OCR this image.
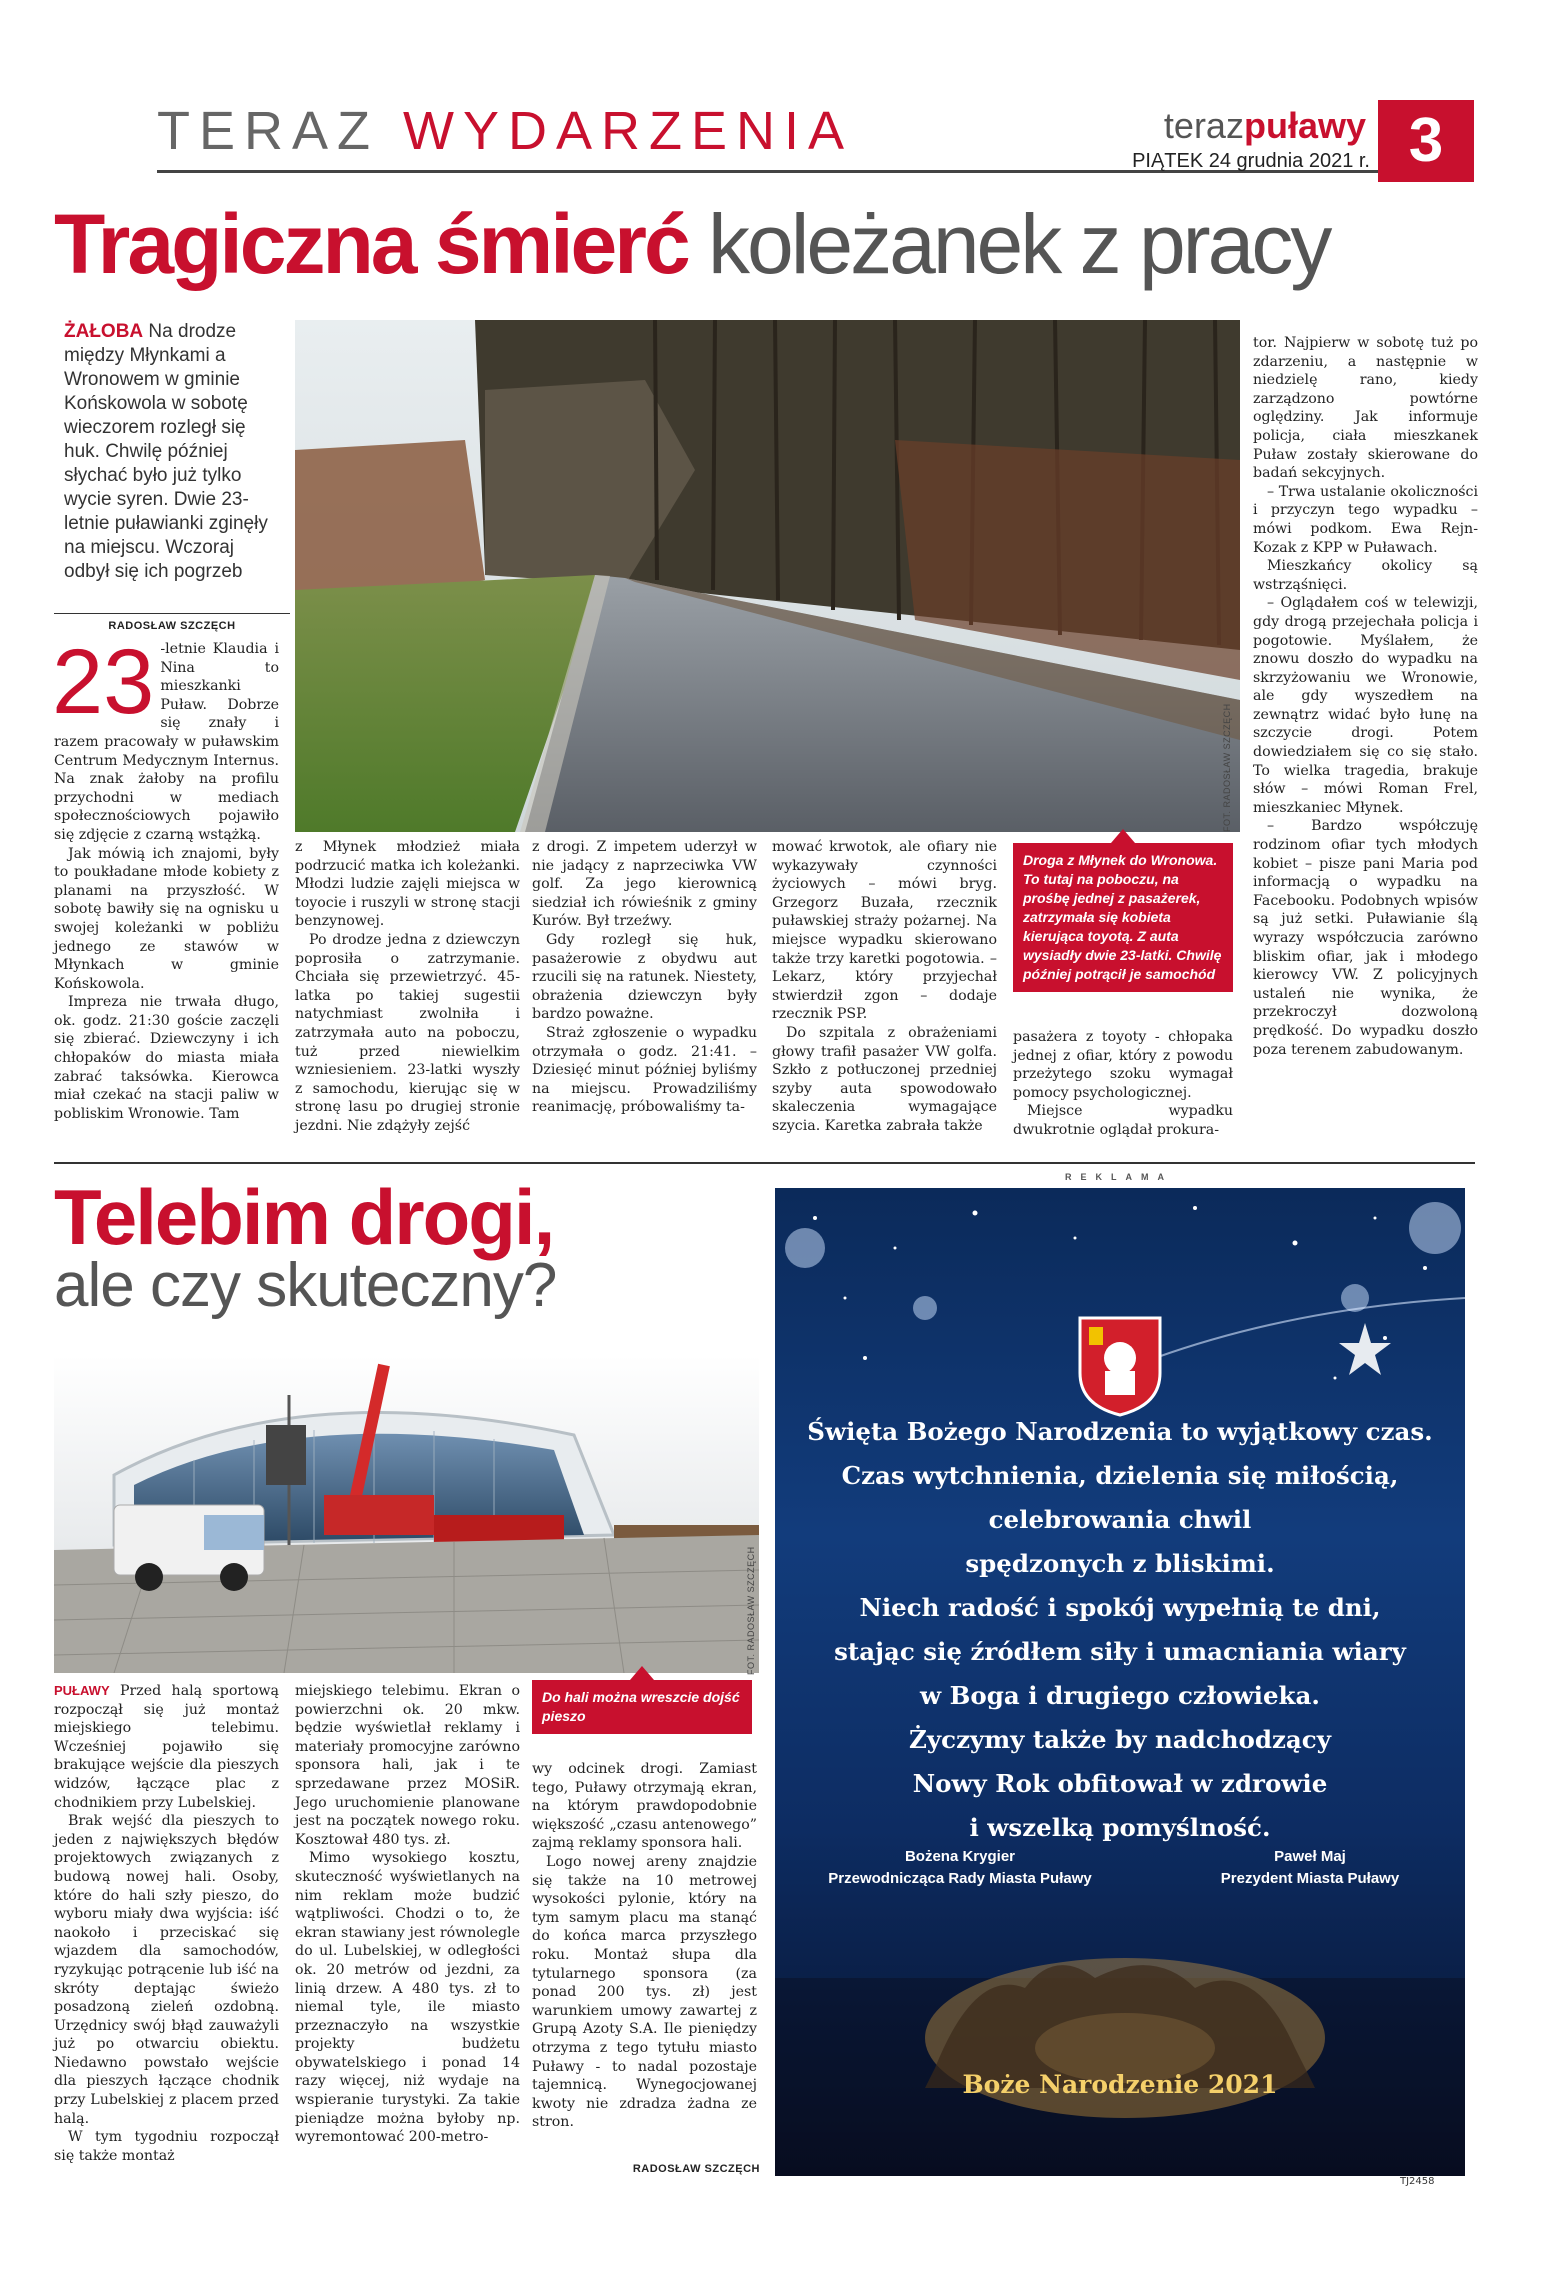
TERAZ WYDARZENIA	terazpuławy
PIĄTEK 24 grudnia 2021 r. 3
Tragiczna śmierć koleżanek z pracy
ŻAŁOBA Na drodze między Młynkami a Wronowem w gminie Końskowola w sobotę wieczorem rozległ się huk. Chwilę później słychać było już tylko wycie syren. Dwie 23-letnie puławianki zginęły na miejscu. Wczoraj odbył się ich pogrzeb
RADOSŁAW SZCZĘCH
23 -letnie Klaudia i Nina to mieszkanki Puław. Dobrze się znały i razem pracowały w puławskim Centrum Medycznym Internus. Na znak żałoby na profilu przychodni w mediach społecznościowych pojawiło się zdjęcie z czarną wstążką.

Jak mówią ich znajomi, były to poukładane młode kobiety z planami na przyszłość. W sobotę bawiły się na ognisku u swojej koleżanki w pobliżu jednego ze stawów w Młynkach w gminie Końskowola.

Impreza nie trwała długo, ok. godz. 21:30 goście zaczęli się zbierać. Dziewczyny i ich chłopaków do miasta miała zabrać taksówka. Kierowca miał czekać na stacji paliw w pobliskim Wronowie. Tam

FOT. RADOSŁAW SZCZĘCH

z Młynek młodzież miała podrzucić matka ich koleżanki. Młodzi ludzie zajęli miejsca w toyocie i ruszyli w stronę stacji benzynowej.

Po drodze jedna z dziewczyn poprosiła o zatrzymanie. Chciała się przewietrzyć. 45-latka po takiej sugestii natychmiast zwolniła i zatrzymała auto na poboczu, tuż przed niewielkim wzniesieniem. 23-latki wyszły z samochodu, kierując się w stronę lasu po drugiej stronie jezdni. Nie zdążyły zejść

z drogi. Z impetem uderzył w nie jadący z naprzeciwka VW golf. Za jego kierownicą siedział ich rówieśnik z gminy Kurów. Był trzeźwy.

Gdy rozległ się huk, pasażerowie z obydwu aut rzucili się na ratunek. Niestety, obrażenia dziewczyn były bardzo poważne.

Straż zgłoszenie o wypadku otrzymała o godz. 21:41. – Dziesięć minut później byliśmy na miejscu. Prowadziliśmy reanimację, próbowaliśmy ta-

mować krwotok, ale ofiary nie wykazywały czynności życiowych – mówi bryg. Grzegorz Buzała, rzecznik puławskiej straży pożarnej. Na miejsce wypadku skierowano także trzy karetki pogotowia. – Lekarz, który przyjechał stwierdził zgon – dodaje rzecznik PSP.

Do szpitala z obrażeniami głowy trafił pasażer VW golfa. Szkło z potłuczonej przedniej szyby auta spowodowało skaleczenia wymagające szycia. Karetka zabrała także

Droga z Młynek do Wronowa. To tutaj na poboczu, na prośbę jednej z pasażerek, zatrzymała się kobieta kierująca toyotą. Z auta wysiadły dwie 23-latki. Chwilę później potrącił je samochód

pasażera z toyoty - chłopaka jednej z ofiar, który z powodu przeżytego szoku wymagał pomocy psychologicznej.

Miejsce wypadku dwukrotnie oglądał prokura-

tor. Najpierw w sobotę tuż po zdarzeniu, a następnie w niedzielę rano, kiedy zarządzono powtórne oględziny. Jak informuje policja, ciała mieszkanek Puław zostały skierowane do badań sekcyjnych.

– Trwa ustalanie okoliczności i przyczyn tego wypadku – mówi podkom. Ewa Rejn-Kozak z KPP w Puławach.

Mieszkańcy okolicy są wstrząśnięci.

– Oglądałem coś w telewizji, gdy drogą przejechała policja i pogotowie. Myślałem, że znowu doszło do wypadku na skrzyżowaniu we Wronowie, ale gdy wyszedłem na zewnątrz widać było łunę na szczycie drogi. Potem dowiedziałem się co się stało. To wielka tragedia, brakuje słów – mówi Roman Frel, mieszkaniec Młynek.

– Bardzo współczuję rodzinom ofiar tych młodych kobiet – pisze pani Maria pod informacją o wypadku na Facebooku. Podobnych wpisów są już setki. Puławianie ślą wyrazy współczucia zarówno bliskim ofiar, jak i młodego kierowcy VW. Z policyjnych ustaleń nie wynika, że przekroczył dozwoloną prędkość. Do wypadku doszło poza terenem zabudowanym.

Telebim drogi,
ale czy skuteczny?
FOT. RADOSŁAW SZCZĘCH
Do hali można wreszcie dojść pieszo

PUŁAWY Przed halą sportową rozpoczął się już montaż miejskiego telebimu. Wcześniej pojawiło się brakujące wejście dla pieszych widzów, łączące plac z chodnikiem przy Lubelskiej.

Brak wejść dla pieszych to jeden z największych błędów projektowych związanych z budową nowej hali. Osoby, które do hali szły pieszo, do wyboru miały dwa wyjścia: iść naokoło i przeciskać się wjazdem dla samochodów, ryzykując potrącenie lub iść na skróty deptając świeżo posadzoną zieleń ozdobną. Urzędnicy swój błąd zauważyli już po otwarciu obiektu. Niedawno powstało wejście dla pieszych łączące chodnik przy Lubelskiej z placem przed halą.

W tym tygodniu rozpoczął się także montaż

miejskiego telebimu. Ekran o powierzchni ok. 20 mkw. będzie wyświetlał reklamy i materiały promocyjne zarówno sponsora hali, jak i te sprzedawane przez MOSiR. Jego uruchomienie planowane jest na początek nowego roku. Kosztował 480 tys. zł.

Mimo wysokiego kosztu, skuteczność wyświetlanych na nim reklam może budzić wątpliwości. Chodzi o to, że ekran stawiany jest równolegle do ul. Lubelskiej, w odległości ok. 20 metrów od jezdni, za linią drzew. A 480 tys. zł to niemal tyle, ile miasto przeznaczyło na wszystkie projekty budżetu obywatelskiego i ponad 14 razy więcej, niż wydaje na wspieranie turystyki. Za takie pieniądze można byłoby np. wyremontować 200-metro-

wy odcinek drogi. Zamiast tego, Puławy otrzymają ekran, na którym prawdopodobnie większość „czasu antenowego” zajmą reklamy sponsora hali.

Logo nowej areny znajdzie się także na 10 metrowej wysokości pylonie, który na tym samym placu ma stanąć do końca marca przyszłego roku. Montaż słupa dla tytularnego sponsora (za ponad 200 tys. zł) jest warunkiem umowy zawartej z Grupą Azoty S.A. Ile pieniędzy otrzyma z tego tytułu miasto Puławy - to nadal pozostaje tajemnicą. Wynegocjowanej kwoty nie zdradza żadna ze stron.

RADOSŁAW SZCZĘCH
REKLAMA
Święta Bożego Narodzenia to wyjątkowy czas.
Czas wytchnienia, dzielenia się miłością,
celebrowania chwil
spędzonych z bliskimi.
Niech radość i spokój wypełnią te dni,
stając się źródłem siły i umacniania wiary
w Boga i drugiego człowieka.
Życzymy także by nadchodzący
Nowy Rok obfitował w zdrowie
i wszelką pomyślność.
Bożena Krygier
Przewodnicząca Rady Miasta Puławy
Paweł Maj
Prezydent Miasta Puławy
Boże Narodzenie 2021
TJ2458
